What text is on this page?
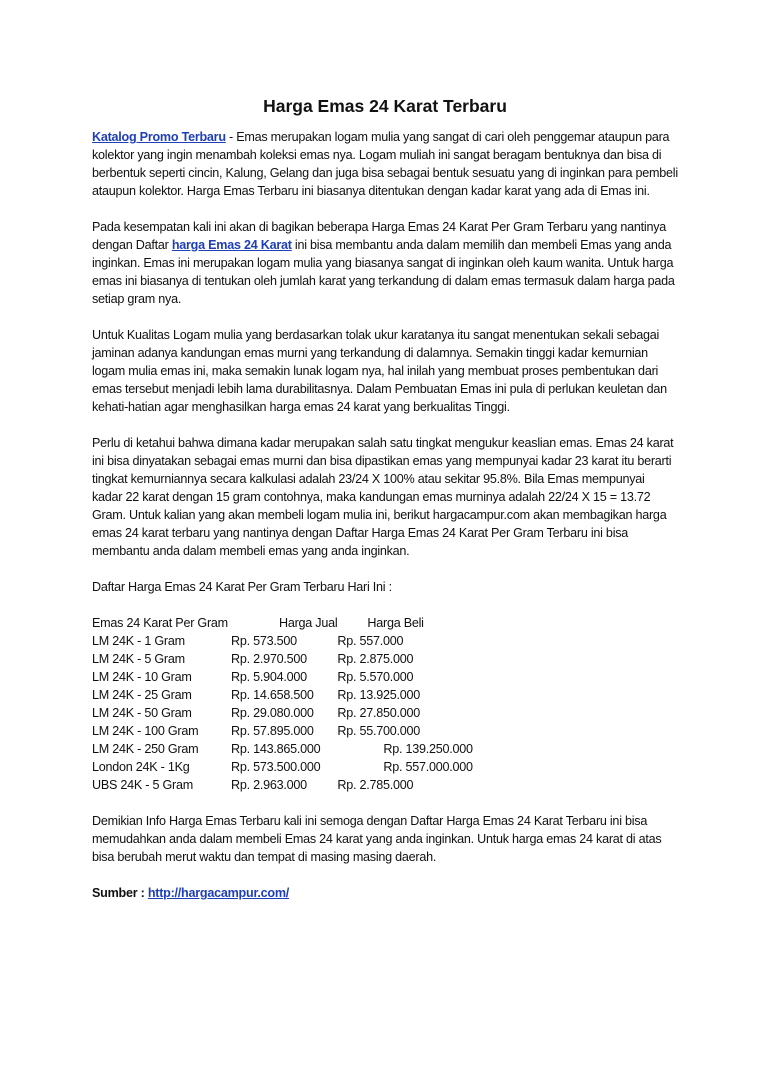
Harga Emas 24 Karat Terbaru

Katalog Promo Terbaru - Emas merupakan logam mulia yang sangat di cari oleh penggemar ataupun para kolektor yang ingin menambah koleksi emas nya. Logam muliah ini sangat beragam bentuknya dan bisa di berbentuk seperti cincin, Kalung, Gelang dan juga bisa sebagai bentuk sesuatu yang di inginkan para pembeli ataupun kolektor. Harga Emas Terbaru ini biasanya ditentukan dengan kadar karat yang ada di Emas ini.

Pada kesempatan kali ini akan di bagikan beberapa Harga Emas 24 Karat Per Gram Terbaru yang nantinya dengan Daftar harga Emas 24 Karat ini bisa membantu anda dalam memilih dan membeli Emas yang anda inginkan. Emas ini merupakan logam mulia yang biasanya sangat di inginkan oleh kaum wanita. Untuk harga emas ini biasanya di tentukan oleh jumlah karat yang terkandung di dalam emas termasuk dalam harga pada setiap gram nya.

Untuk Kualitas Logam mulia yang berdasarkan tolak ukur karatanya itu sangat menentukan sekali sebagai jaminan adanya kandungan emas murni yang terkandung di dalamnya. Semakin tinggi kadar kemurnian logam mulia emas ini, maka semakin lunak logam nya, hal inilah yang membuat proses pembentukan dari emas tersebut menjadi lebih lama durabilitasnya. Dalam Pembuatan Emas ini pula di perlukan keuletan dan kehati-hatian agar menghasilkan harga emas 24 karat yang berkualitas Tinggi.

Perlu di ketahui bahwa dimana kadar merupakan salah satu tingkat mengukur keaslian emas. Emas 24 karat ini bisa dinyatakan sebagai emas murni dan bisa dipastikan emas yang mempunyai kadar 23 karat itu berarti tingkat kemurniannya secara kalkulasi adalah 23/24 X 100% atau sekitar 95.8%. Bila Emas mempunyai kadar 22 karat dengan 15 gram contohnya, maka kandungan emas murninya adalah 22/24 X 15 = 13.72 Gram. Untuk kalian yang akan membeli logam mulia ini, berikut hargacampur.com akan membagikan harga emas 24 karat terbaru yang nantinya dengan Daftar Harga Emas 24 Karat Per Gram Terbaru ini bisa membantu anda dalam membeli emas yang anda inginkan.

Daftar Harga Emas 24 Karat Per Gram Terbaru Hari Ini :

Emas 24 Karat Per Gram	Harga Jual	Harga Beli
LM 24K - 1 Gram	Rp. 573.500	Rp. 557.000
LM 24K - 5 Gram	Rp. 2.970.500	Rp. 2.875.000
LM 24K - 10 Gram	Rp. 5.904.000	Rp. 5.570.000
LM 24K - 25 Gram	Rp. 14.658.500	Rp. 13.925.000
LM 24K - 50 Gram	Rp. 29.080.000	Rp. 27.850.000
LM 24K - 100 Gram	Rp. 57.895.000	Rp. 55.700.000
LM 24K - 250 Gram	Rp. 143.865.000	Rp. 139.250.000
London 24K - 1Kg	Rp. 573.500.000	Rp. 557.000.000
UBS 24K - 5 Gram	Rp. 2.963.000	Rp. 2.785.000

Demikian Info Harga Emas Terbaru kali ini semoga dengan Daftar Harga Emas 24 Karat Terbaru ini bisa memudahkan anda dalam membeli Emas 24 karat yang anda inginkan. Untuk harga emas 24 karat di atas bisa berubah merut waktu dan tempat di masing masing daerah.

Sumber : http://hargacampur.com/
